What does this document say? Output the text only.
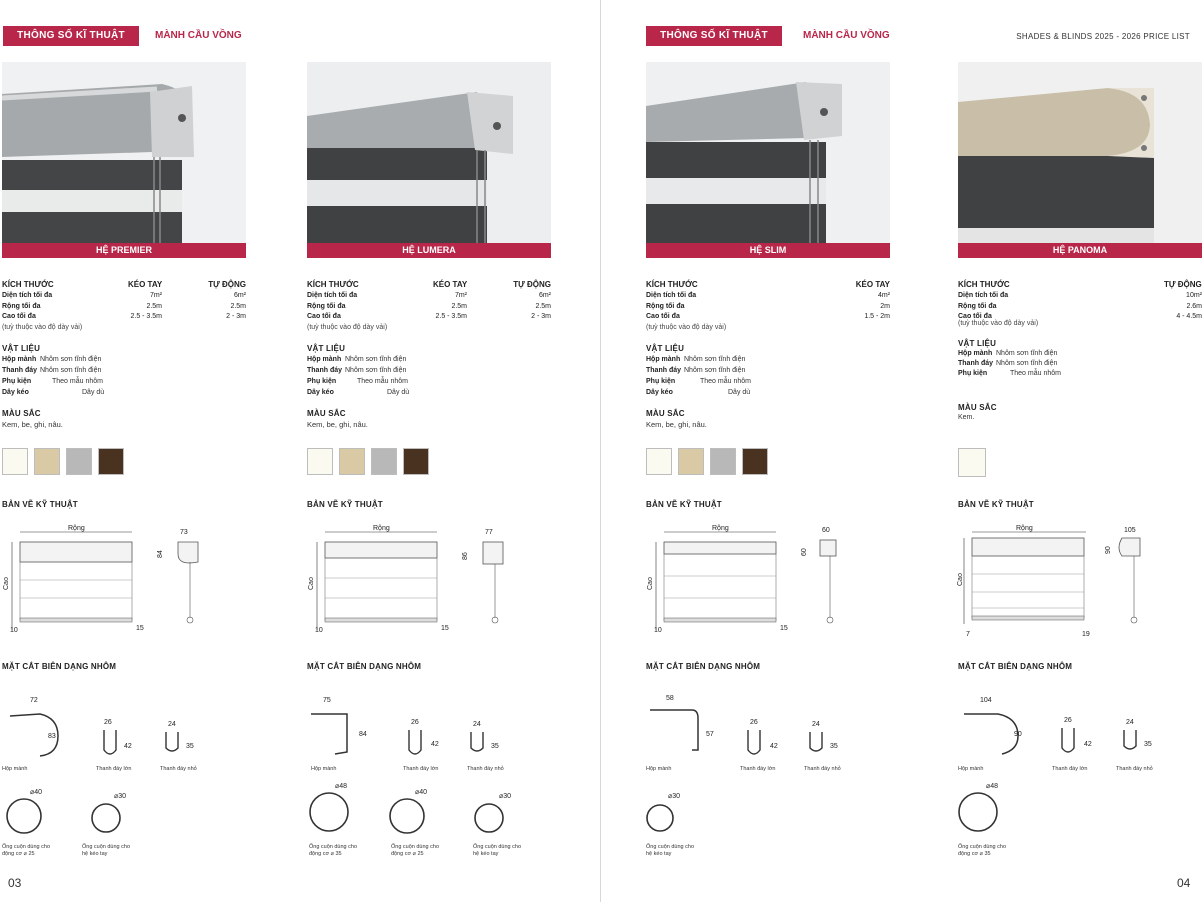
THÔNG SỐ KĨ THUẬT	MÀNH CẦU VỒNG
03
HỆ PREMIER
KÍCH THƯỚC	KÉO TAY	TỰ ĐỘNG
Diện tích tối đa	7m²	6m²
Rộng tối đa	2.5m	2.5m
Cao tối đa	2.5 - 3.5m	2 - 3m
(tuỳ thuộc vào độ dày vải)
VẬT LIỆU
Hộp mành Nhôm sơn tĩnh điện
Thanh đáy Nhôm sơn tĩnh điện
Phụ kiện	Theo mẫu nhôm
Dây kéo	Dây dù
MÀU SẮC
Kem, be, ghi, nâu.
BẢN VẼ KỸ THUẬT
Rộng
Cao
10	15
73
84
MẶT CẮT BIÊN DẠNG NHÔM
72
83
Hộp mành
26
42
Thanh đáy lớn
24
35
Thanh đáy nhỏ
⌀40
Ống cuộn dùng cho
động cơ ⌀ 25
⌀30
Ống cuộn dùng cho
hệ kéo tay
HỆ LUMERA
KÍCH THƯỚC	KÉO TAY	TỰ ĐỘNG
Diện tích tối đa	7m²	6m²
Rộng tối đa	2.5m	2.5m
Cao tối đa	2.5 - 3.5m	2 - 3m
(tuỳ thuộc vào độ dày vải)
VẬT LIỆU
Hộp mành Nhôm sơn tĩnh điện
Thanh đáy Nhôm sơn tĩnh điện
Phụ kiện	Theo mẫu nhôm
Dây kéo	Dây dù
MÀU SẮC
Kem, be, ghi, nâu.
BẢN VẼ KỸ THUẬT
Rộng
Cao
10	15
77
86
MẶT CẮT BIÊN DẠNG NHÔM
75
84
Hộp mành
26
42
Thanh đáy lớn
24
35
Thanh đáy nhỏ
⌀48
Ống cuộn dùng cho
động cơ ⌀ 35
⌀40
Ống cuộn dùng cho
động cơ ⌀ 25
⌀30
Ống cuộn dùng cho
hệ kéo tay
THÔNG SỐ KĨ THUẬT	MÀNH CẦU VỒNG	SHADES & BLINDS 2025 - 2026 PRICE LIST
04
HỆ SLIM
KÍCH THƯỚC	KÉO TAY
Diện tích tối đa	4m²
Rộng tối đa	2m
Cao tối đa	1.5 - 2m
(tuỳ thuộc vào độ dày vải)
VẬT LIỆU
Hộp mành Nhôm sơn tĩnh điện
Thanh đáy Nhôm sơn tĩnh điện
Phụ kiện	Theo mẫu nhôm
Dây kéo	Dây dù
MÀU SẮC
Kem, be, ghi, nâu.
BẢN VẼ KỸ THUẬT
Rộng
Cao
10	15
60
60
MẶT CẮT BIÊN DẠNG NHÔM
58
57
Hộp mành
26
42
Thanh đáy lớn
24
35
Thanh đáy nhỏ
⌀30
Ống cuộn dùng cho
hệ kéo tay
HỆ PANOMA
KÍCH THƯỚC	TỰ ĐỘNG
Diện tích tối đa	10m²
Rộng tối đa	2.6m
Cao tối đa	4 - 4.5m
(tuỳ thuộc vào độ dày vải)
VẬT LIỆU
Hộp mành Nhôm sơn tĩnh điện
Thanh đáy Nhôm sơn tĩnh điện
Phụ kiện	Theo mẫu nhôm
MÀU SẮC
Kem.
BẢN VẼ KỸ THUẬT
Rộng
Cao
7	19
105
90
MẶT CẮT BIÊN DẠNG NHÔM
104
90
Hộp mành
26
42
Thanh đáy lớn
24
35
Thanh đáy nhỏ
⌀48
Ống cuộn dùng cho
động cơ ⌀ 35
